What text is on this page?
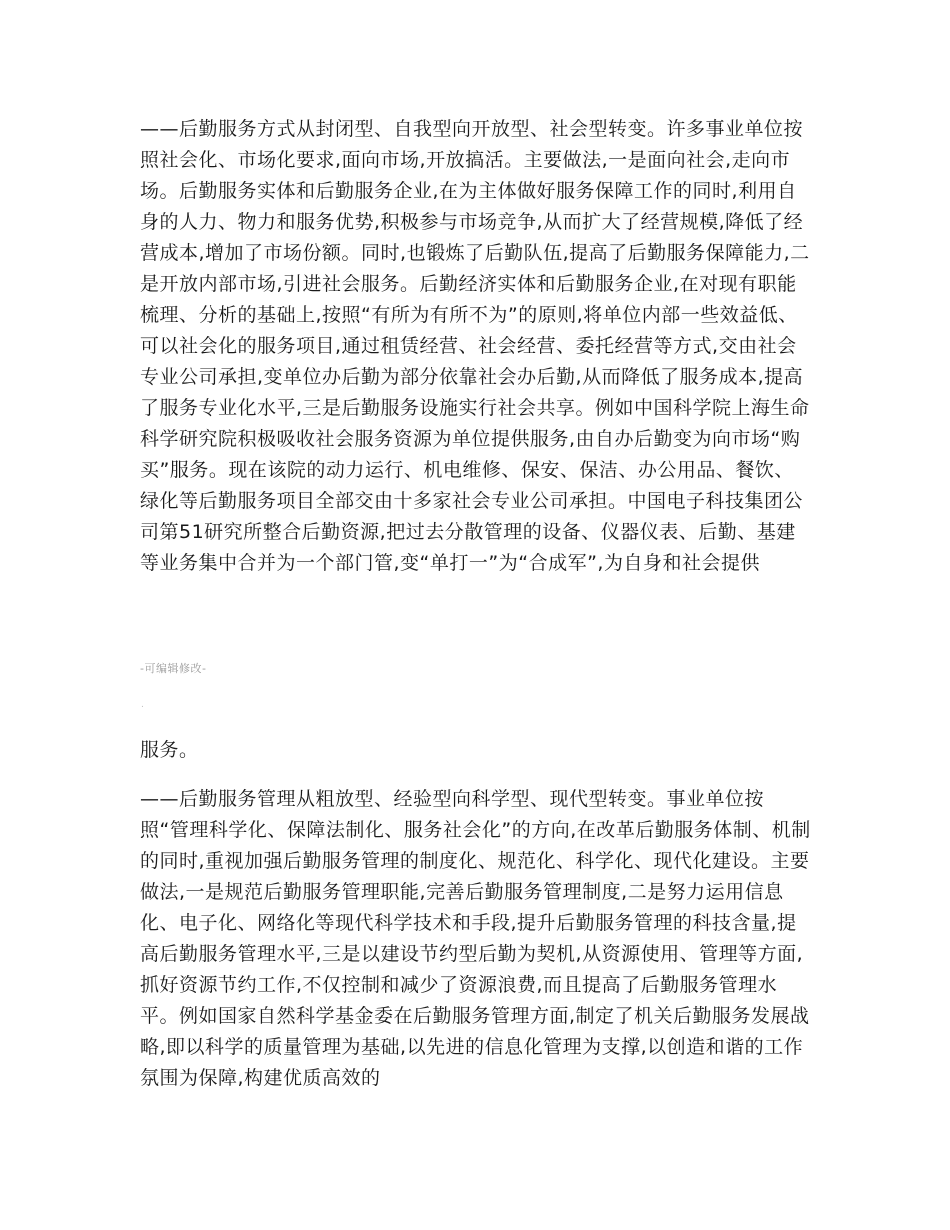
——后勤服务方式从封闭型、自我型向开放型、社会型转变。许多事业单位按照社会化、市场化要求,面向市场,开放搞活。主要做法,一是面向社会,走向市场。后勤服务实体和后勤服务企业,在为主体做好服务保障工作的同时,利用自身的人力、物力和服务优势,积极参与市场竞争,从而扩大了经营规模,降低了经营成本,增加了市场份额。同时,也锻炼了后勤队伍,提高了后勤服务保障能力,二是开放内部市场,引进社会服务。后勤经济实体和后勤服务企业,在对现有职能梳理、分析的基础上,按照“有所为有所不为”的原则,将单位内部一些效益低、可以社会化的服务项目,通过租赁经营、社会经营、委托经营等方式,交由社会专业公司承担,变单位办后勤为部分依靠社会办后勤,从而降低了服务成本,提高了服务专业化水平,三是后勤服务设施实行社会共享。例如中国科学院上海生命科学研究院积极吸收社会服务资源为单位提供服务,由自办后勤变为向市场“购买”服务。现在该院的动力运行、机电维修、保安、保洁、办公用品、餐饮、绿化等后勤服务项目全部交由十多家社会专业公司承担。中国电子科技集团公司第51研究所整合后勤资源,把过去分散管理的设备、仪器仪表、后勤、基建等业务集中合并为一个部门管,变“单打一”为“合成军”,为自身和社会提供

-可编辑修改-
.

服务。

——后勤服务管理从粗放型、经验型向科学型、现代型转变。事业单位按照“管理科学化、保障法制化、服务社会化”的方向,在改革后勤服务体制、机制的同时,重视加强后勤服务管理的制度化、规范化、科学化、现代化建设。主要做法,一是规范后勤服务管理职能,完善后勤服务管理制度,二是努力运用信息化、电子化、网络化等现代科学技术和手段,提升后勤服务管理的科技含量,提高后勤服务管理水平,三是以建设节约型后勤为契机,从资源使用、管理等方面,抓好资源节约工作,不仅控制和减少了资源浪费,而且提高了后勤服务管理水平。例如国家自然科学基金委在后勤服务管理方面,制定了机关后勤服务发展战略,即以科学的质量管理为基础,以先进的信息化管理为支撑,以创造和谐的工作氛围为保障,构建优质高效的
